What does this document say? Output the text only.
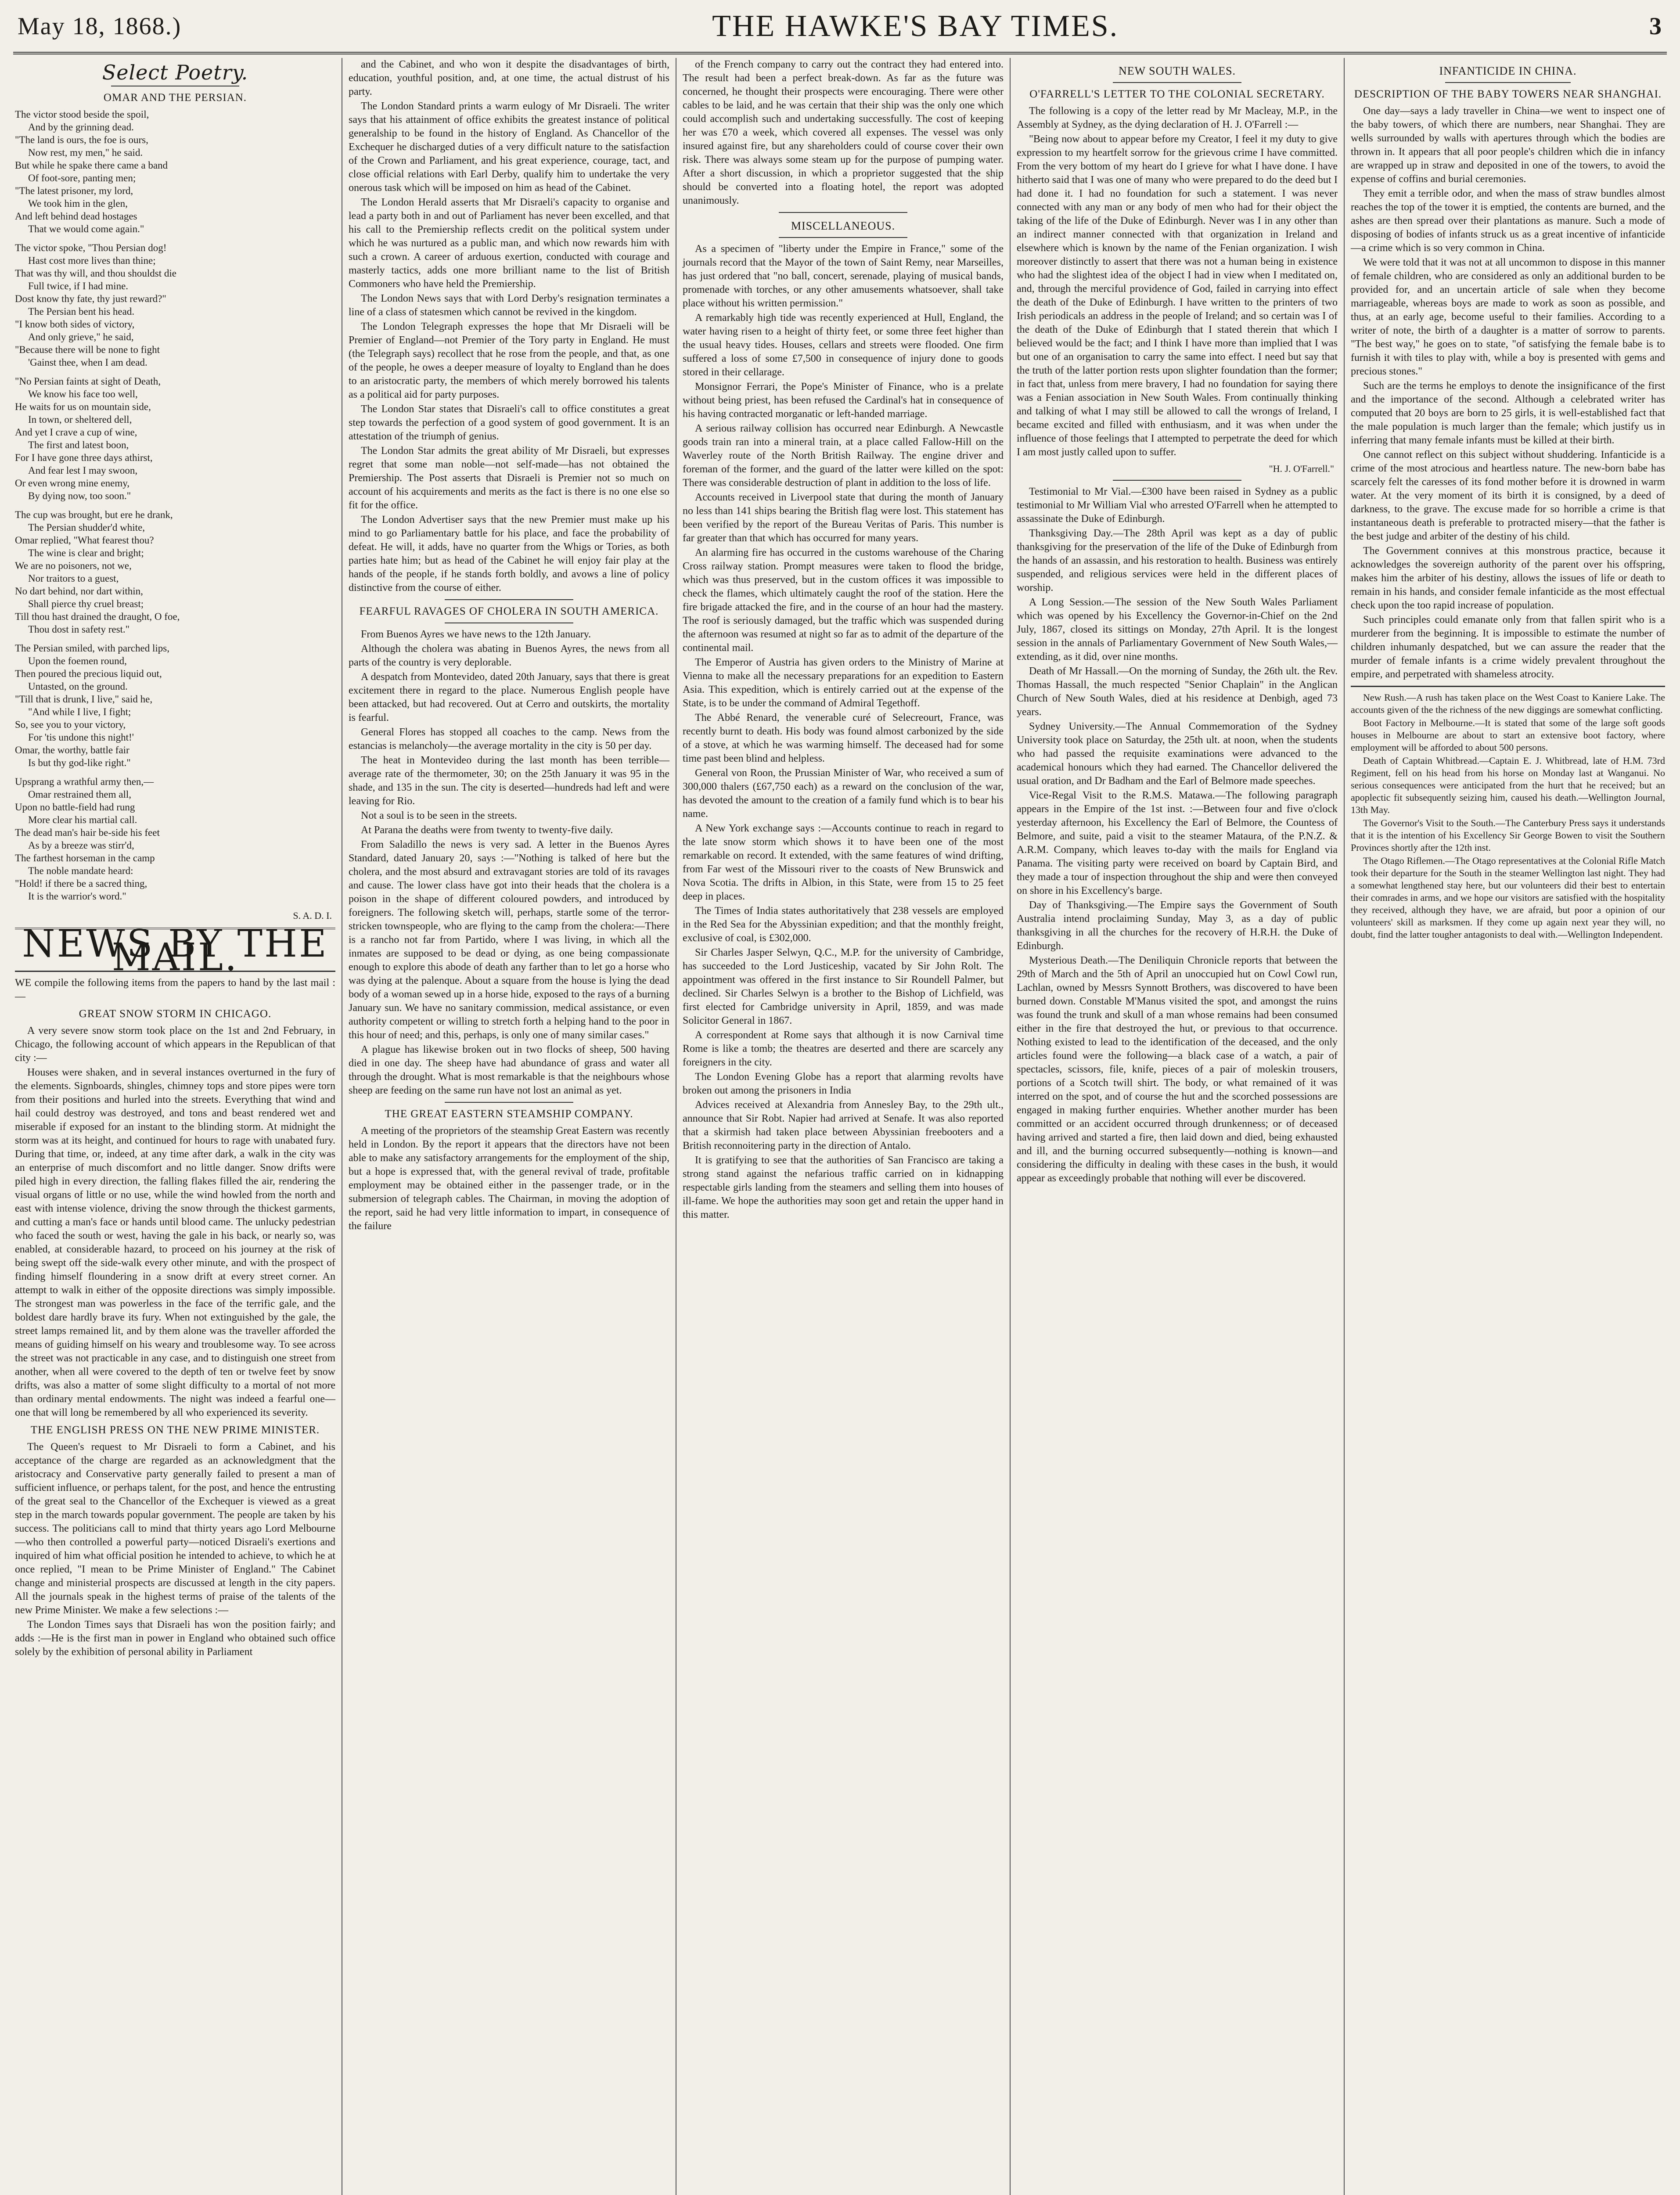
May 18, 1868.)	THE HAWKE'S BAY TIMES.	3
Select Poetry.
OMAR AND THE PERSIAN.
The victor stood beside the spoil,
And by the grinning dead.
"The land is ours, the foe is ours,
Now rest, my men," he said.
But while he spake there came a band
Of foot-sore, panting men;
"The latest prisoner, my lord,
We took him in the glen,
And left behind dead hostages
That we would come again."
The victor spoke, "Thou Persian dog!
Hast cost more lives than thine;
That was thy will, and thou shouldst die
Full twice, if I had mine.
Dost know thy fate, thy just reward?"
The Persian bent his head.
"I know both sides of victory,
And only grieve," he said,
"Because there will be none to fight
'Gainst thee, when I am dead.
"No Persian faints at sight of Death,
We know his face too well,
He waits for us on mountain side,
In town, or sheltered dell,
And yet I crave a cup of wine,
The first and latest boon,
For I have gone three days athirst,
And fear lest I may swoon,
Or even wrong mine enemy,
By dying now, too soon."
The cup was brought, but ere he drank,
The Persian shudder'd white,
Omar replied, "What fearest thou?
The wine is clear and bright;
We are no poisoners, not we,
Nor traitors to a guest,
No dart behind, nor dart within,
Shall pierce thy cruel breast;
Till thou hast drained the draught, O foe,
Thou dost in safety rest."
The Persian smiled, with parched lips,
Upon the foemen round,
Then poured the precious liquid out,
Untasted, on the ground.
"Till that is drunk, I live," said he,
"And while I live, I fight;
So, see you to your victory,
For 'tis undone this night!'
Omar, the worthy, battle fair
Is but thy god-like right."
Upsprang a wrathful army then,—
Omar restrained them all,
Upon no battle-field had rung
More clear his martial call.
The dead man's hair be-side his feet
As by a breeze was stirr'd,
The farthest horseman in the camp
The noble mandate heard:
"Hold! if there be a sacred thing,
It is the warrior's word."
S. A. D. I.
NEWS BY THE MAIL.

WE compile the following items from the papers to hand by the last mail :—

GREAT SNOW STORM IN CHICAGO.

A very severe snow storm took place on the 1st and 2nd February, in Chicago, the following account of which appears in the Republican of that city :—

Houses were shaken, and in several instances overturned in the fury of the elements. Signboards, shingles, chimney tops and store pipes were torn from their positions and hurled into the streets. Everything that wind and hail could destroy was destroyed, and tons and beast rendered wet and miserable if exposed for an instant to the blinding storm. At midnight the storm was at its height, and continued for hours to rage with unabated fury. During that time, or, indeed, at any time after dark, a walk in the city was an enterprise of much discomfort and no little danger. Snow drifts were piled high in every direction, the falling flakes filled the air, rendering the visual organs of little or no use, while the wind howled from the north and east with intense violence, driving the snow through the thickest garments, and cutting a man's face or hands until blood came. The unlucky pedestrian who faced the south or west, having the gale in his back, or nearly so, was enabled, at considerable hazard, to proceed on his journey at the risk of being swept off the side-walk every other minute, and with the prospect of finding himself floundering in a snow drift at every street corner. An attempt to walk in either of the opposite directions was simply impossible. The strongest man was powerless in the face of the terrific gale, and the boldest dare hardly brave its fury. When not extinguished by the gale, the street lamps remained lit, and by them alone was the traveller afforded the means of guiding himself on his weary and troublesome way. To see across the street was not practicable in any case, and to distinguish one street from another, when all were covered to the depth of ten or twelve feet by snow drifts, was also a matter of some slight difficulty to a mortal of not more than ordinary mental endowments. The night was indeed a fearful one—one that will long be remembered by all who experienced its severity.

THE ENGLISH PRESS ON THE NEW PRIME MINISTER.

The Queen's request to Mr Disraeli to form a Cabinet, and his acceptance of the charge are regarded as an acknowledgment that the aristocracy and Conservative party generally failed to present a man of sufficient influence, or perhaps talent, for the post, and hence the entrusting of the great seal to the Chancellor of the Exchequer is viewed as a great step in the march towards popular government. The people are taken by his success. The politicians call to mind that thirty years ago Lord Melbourne—who then controlled a powerful party—noticed Disraeli's exertions and inquired of him what official position he intended to achieve, to which he at once replied, "I mean to be Prime Minister of England." The Cabinet change and ministerial prospects are discussed at length in the city papers. All the journals speak in the highest terms of praise of the talents of the new Prime Minister. We make a few selections :—

The London Times says that Disraeli has won the position fairly; and adds :—He is the first man in power in England who obtained such office solely by the exhibition of personal ability in Parliament

and the Cabinet, and who won it despite the disadvantages of birth, education, youthful position, and, at one time, the actual distrust of his party.

The London Standard prints a warm eulogy of Mr Disraeli. The writer says that his attainment of office exhibits the greatest instance of political generalship to be found in the history of England. As Chancellor of the Exchequer he discharged duties of a very difficult nature to the satisfaction of the Crown and Parliament, and his great experience, courage, tact, and close official relations with Earl Derby, qualify him to undertake the very onerous task which will be imposed on him as head of the Cabinet.

The London Herald asserts that Mr Disraeli's capacity to organise and lead a party both in and out of Parliament has never been excelled, and that his call to the Premiership reflects credit on the political system under which he was nurtured as a public man, and which now rewards him with such a crown. A career of arduous exertion, conducted with courage and masterly tactics, adds one more brilliant name to the list of British Commoners who have held the Premiership.

The London News says that with Lord Derby's resignation terminates a line of a class of statesmen which cannot be revived in the kingdom.

The London Telegraph expresses the hope that Mr Disraeli will be Premier of England—not Premier of the Tory party in England. He must (the Telegraph says) recollect that he rose from the people, and that, as one of the people, he owes a deeper measure of loyalty to England than he does to an aristocratic party, the members of which merely borrowed his talents as a political aid for party purposes.

The London Star states that Disraeli's call to office constitutes a great step towards the perfection of a good system of good government. It is an attestation of the triumph of genius.

The London Star admits the great ability of Mr Disraeli, but expresses regret that some man noble—not self-made—has not obtained the Premiership. The Post asserts that Disraeli is Premier not so much on account of his acquirements and merits as the fact is there is no one else so fit for the office.

The London Advertiser says that the new Premier must make up his mind to go Parliamentary battle for his place, and face the probability of defeat. He will, it adds, have no quarter from the Whigs or Tories, as both parties hate him; but as head of the Cabinet he will enjoy fair play at the hands of the people, if he stands forth boldly, and avows a line of policy distinctive from the course of either.

FEARFUL RAVAGES OF CHOLERA IN SOUTH AMERICA.

From Buenos Ayres we have news to the 12th January.

Although the cholera was abating in Buenos Ayres, the news from all parts of the country is very deplorable.

A despatch from Montevideo, dated 20th January, says that there is great excitement there in regard to the place. Numerous English people have been attacked, but had recovered. Out at Cerro and outskirts, the mortality is fearful.

General Flores has stopped all coaches to the camp. News from the estancias is melancholy—the average mortality in the city is 50 per day.

The heat in Montevideo during the last month has been terrible—average rate of the thermometer, 30; on the 25th January it was 95 in the shade, and 135 in the sun. The city is deserted—hundreds had left and were leaving for Rio.

Not a soul is to be seen in the streets.

At Parana the deaths were from twenty to twenty-five daily.

From Saladillo the news is very sad. A letter in the Buenos Ayres Standard, dated January 20, says :—"Nothing is talked of here but the cholera, and the most absurd and extravagant stories are told of its ravages and cause. The lower class have got into their heads that the cholera is a poison in the shape of different coloured powders, and introduced by foreigners. The following sketch will, perhaps, startle some of the terror-stricken townspeople, who are flying to the camp from the cholera:—There is a rancho not far from Partido, where I was living, in which all the inmates are supposed to be dead or dying, as one being compassionate enough to explore this abode of death any farther than to let go a horse who was dying at the palenque. About a square from the house is lying the dead body of a woman sewed up in a horse hide, exposed to the rays of a burning January sun. We have no sanitary commission, medical assistance, or even authority competent or willing to stretch forth a helping hand to the poor in this hour of need; and this, perhaps, is only one of many similar cases."

A plague has likewise broken out in two flocks of sheep, 500 having died in one day. The sheep have had abundance of grass and water all through the drought. What is most remarkable is that the neighbours whose sheep are feeding on the same run have not lost an animal as yet.

THE GREAT EASTERN STEAMSHIP COMPANY.

A meeting of the proprietors of the steamship Great Eastern was recently held in London. By the report it appears that the directors have not been able to make any satisfactory arrangements for the employment of the ship, but a hope is expressed that, with the general revival of trade, profitable employment may be obtained either in the passenger trade, or in the submersion of telegraph cables. The Chairman, in moving the adoption of the report, said he had very little information to impart, in consequence of the failure

of the French company to carry out the contract they had entered into. The result had been a perfect break-down. As far as the future was concerned, he thought their prospects were encouraging. There were other cables to be laid, and he was certain that their ship was the only one which could accomplish such and undertaking successfully. The cost of keeping her was £70 a week, which covered all expenses. The vessel was only insured against fire, but any shareholders could of course cover their own risk. There was always some steam up for the purpose of pumping water. After a short discussion, in which a proprietor suggested that the ship should be converted into a floating hotel, the report was adopted unanimously.

MISCELLANEOUS.

As a specimen of "liberty under the Empire in France," some of the journals record that the Mayor of the town of Saint Remy, near Marseilles, has just ordered that "no ball, concert, serenade, playing of musical bands, promenade with torches, or any other amusements whatsoever, shall take place without his written permission."

A remarkably high tide was recently experienced at Hull, England, the water having risen to a height of thirty feet, or some three feet higher than the usual heavy tides. Houses, cellars and streets were flooded. One firm suffered a loss of some £7,500 in consequence of injury done to goods stored in their cellarage.

Monsignor Ferrari, the Pope's Minister of Finance, who is a prelate without being priest, has been refused the Cardinal's hat in consequence of his having contracted morganatic or left-handed marriage.

A serious railway collision has occurred near Edinburgh. A Newcastle goods train ran into a mineral train, at a place called Fallow-Hill on the Waverley route of the North British Railway. The engine driver and foreman of the former, and the guard of the latter were killed on the spot: There was considerable destruction of plant in addition to the loss of life.

Accounts received in Liverpool state that during the month of January no less than 141 ships bearing the British flag were lost. This statement has been verified by the report of the Bureau Veritas of Paris. This number is far greater than that which has occurred for many years.

An alarming fire has occurred in the customs warehouse of the Charing Cross railway station. Prompt measures were taken to flood the bridge, which was thus preserved, but in the custom offices it was impossible to check the flames, which ultimately caught the roof of the station. Here the fire brigade attacked the fire, and in the course of an hour had the mastery. The roof is seriously damaged, but the traffic which was suspended during the afternoon was resumed at night so far as to admit of the departure of the continental mail.

The Emperor of Austria has given orders to the Ministry of Marine at Vienna to make all the necessary preparations for an expedition to Eastern Asia. This expedition, which is entirely carried out at the expense of the State, is to be under the command of Admiral Tegethoff.

The Abbé Renard, the venerable curé of Selecreourt, France, was recently burnt to death. His body was found almost carbonized by the side of a stove, at which he was warming himself. The deceased had for some time past been blind and helpless.

General von Roon, the Prussian Minister of War, who received a sum of 300,000 thalers (£67,750 each) as a reward on the conclusion of the war, has devoted the amount to the creation of a family fund which is to bear his name.

A New York exchange says :—Accounts continue to reach in regard to the late snow storm which shows it to have been one of the most remarkable on record. It extended, with the same features of wind drifting, from Far west of the Missouri river to the coasts of New Brunswick and Nova Scotia. The drifts in Albion, in this State, were from 15 to 25 feet deep in places.

The Times of India states authoritatively that 238 vessels are employed in the Red Sea for the Abyssinian expedition; and that the monthly freight, exclusive of coal, is £302,000.

Sir Charles Jasper Selwyn, Q.C., M.P. for the university of Cambridge, has succeeded to the Lord Justiceship, vacated by Sir John Rolt. The appointment was offered in the first instance to Sir Roundell Palmer, but declined. Sir Charles Selwyn is a brother to the Bishop of Lichfield, was first elected for Cambridge university in April, 1859, and was made Solicitor General in 1867.

A correspondent at Rome says that although it is now Carnival time Rome is like a tomb; the theatres are deserted and there are scarcely any foreigners in the city.

The London Evening Globe has a report that alarming revolts have broken out among the prisoners in India

Advices received at Alexandria from Annesley Bay, to the 29th ult., announce that Sir Robt. Napier had arrived at Senafe. It was also reported that a skirmish had taken place between Abyssinian freebooters and a British reconnoitering party in the direction of Antalo.

It is gratifying to see that the authorities of San Francisco are taking a strong stand against the nefarious traffic carried on in kidnapping respectable girls landing from the steamers and selling them into houses of ill-fame. We hope the authorities may soon get and retain the upper hand in this matter.

NEW SOUTH WALES.
O'FARRELL'S LETTER TO THE COLONIAL SECRETARY.

The following is a copy of the letter read by Mr Macleay, M.P., in the Assembly at Sydney, as the dying declaration of H. J. O'Farrell :—

"Being now about to appear before my Creator, I feel it my duty to give expression to my heartfelt sorrow for the grievous crime I have committed. From the very bottom of my heart do I grieve for what I have done. I have hitherto said that I was one of many who were prepared to do the deed but I had done it. I had no foundation for such a statement. I was never connected with any man or any body of men who had for their object the taking of the life of the Duke of Edinburgh. Never was I in any other than an indirect manner connected with that organization in Ireland and elsewhere which is known by the name of the Fenian organization. I wish moreover distinctly to assert that there was not a human being in existence who had the slightest idea of the object I had in view when I meditated on, and, through the merciful providence of God, failed in carrying into effect the death of the Duke of Edinburgh. I have written to the printers of two Irish periodicals an address in the people of Ireland; and so certain was I of the death of the Duke of Edinburgh that I stated therein that which I believed would be the fact; and I think I have more than implied that I was but one of an organisation to carry the same into effect. I need but say that the truth of the latter portion rests upon slighter foundation than the former; in fact that, unless from mere bravery, I had no foundation for saying there was a Fenian association in New South Wales. From continually thinking and talking of what I may still be allowed to call the wrongs of Ireland, I became excited and filled with enthusiasm, and it was when under the influence of those feelings that I attempted to perpetrate the deed for which I am most justly called upon to suffer.

"H. J. O'Farrell."

Testimonial to Mr Vial.—£300 have been raised in Sydney as a public testimonial to Mr William Vial who arrested O'Farrell when he attempted to assassinate the Duke of Edinburgh.

Thanksgiving Day.—The 28th April was kept as a day of public thanksgiving for the preservation of the life of the Duke of Edinburgh from the hands of an assassin, and his restoration to health. Business was entirely suspended, and religious services were held in the different places of worship.

A Long Session.—The session of the New South Wales Parliament which was opened by his Excellency the Governor-in-Chief on the 2nd July, 1867, closed its sittings on Monday, 27th April. It is the longest session in the annals of Parliamentary Government of New South Wales,—extending, as it did, over nine months.

Death of Mr Hassall.—On the morning of Sunday, the 26th ult. the Rev. Thomas Hassall, the much respected "Senior Chaplain" in the Anglican Church of New South Wales, died at his residence at Denbigh, aged 73 years.

Sydney University.—The Annual Commemoration of the Sydney University took place on Saturday, the 25th ult. at noon, when the students who had passed the requisite examinations were advanced to the academical honours which they had earned. The Chancellor delivered the usual oration, and Dr Badham and the Earl of Belmore made speeches.

Vice-Regal Visit to the R.M.S. Matawa.—The following paragraph appears in the Empire of the 1st inst. :—Between four and five o'clock yesterday afternoon, his Excellency the Earl of Belmore, the Countess of Belmore, and suite, paid a visit to the steamer Mataura, of the P.N.Z. & A.R.M. Company, which leaves to-day with the mails for England via Panama. The visiting party were received on board by Captain Bird, and they made a tour of inspection throughout the ship and were then conveyed on shore in his Excellency's barge.

Day of Thanksgiving.—The Empire says the Government of South Australia intend proclaiming Sunday, May 3, as a day of public thanksgiving in all the churches for the recovery of H.R.H. the Duke of Edinburgh.

Mysterious Death.—The Deniliquin Chronicle reports that between the 29th of March and the 5th of April an unoccupied hut on Cowl Cowl run, Lachlan, owned by Messrs Synnott Brothers, was discovered to have been burned down. Constable M'Manus visited the spot, and amongst the ruins was found the trunk and skull of a man whose remains had been consumed either in the fire that destroyed the hut, or previous to that occurrence. Nothing existed to lead to the identification of the deceased, and the only articles found were the following—a black case of a watch, a pair of spectacles, scissors, file, knife, pieces of a pair of moleskin trousers, portions of a Scotch twill shirt. The body, or what remained of it was interred on the spot, and of course the hut and the scorched possessions are engaged in making further enquiries. Whether another murder has been committed or an accident occurred through drunkenness; or of deceased having arrived and started a fire, then laid down and died, being exhausted and ill, and the burning occurred subsequently—nothing is known—and considering the difficulty in dealing with these cases in the bush, it would appear as exceedingly probable that nothing will ever be discovered.

INFANTICIDE IN CHINA.
DESCRIPTION OF THE BABY TOWERS NEAR SHANGHAI.

One day—says a lady traveller in China—we went to inspect one of the baby towers, of which there are numbers, near Shanghai. They are wells surrounded by walls with apertures through which the bodies are thrown in. It appears that all poor people's children which die in infancy are wrapped up in straw and deposited in one of the towers, to avoid the expense of coffins and burial ceremonies.

They emit a terrible odor, and when the mass of straw bundles almost reaches the top of the tower it is emptied, the contents are burned, and the ashes are then spread over their plantations as manure. Such a mode of disposing of bodies of infants struck us as a great incentive of infanticide—a crime which is so very common in China.

We were told that it was not at all uncommon to dispose in this manner of female children, who are considered as only an additional burden to be provided for, and an uncertain article of sale when they become marriageable, whereas boys are made to work as soon as possible, and thus, at an early age, become useful to their families. According to a writer of note, the birth of a daughter is a matter of sorrow to parents. "The best way," he goes on to state, "of satisfying the female babe is to furnish it with tiles to play with, while a boy is presented with gems and precious stones."

Such are the terms he employs to denote the insignificance of the first and the importance of the second. Although a celebrated writer has computed that 20 boys are born to 25 girls, it is well-established fact that the male population is much larger than the female; which justify us in inferring that many female infants must be killed at their birth.

One cannot reflect on this subject without shuddering. Infanticide is a crime of the most atrocious and heartless nature. The new-born babe has scarcely felt the caresses of its fond mother before it is drowned in warm water. At the very moment of its birth it is consigned, by a deed of darkness, to the grave. The excuse made for so horrible a crime is that instantaneous death is preferable to protracted misery—that the father is the best judge and arbiter of the destiny of his child.

The Government connives at this monstrous practice, because it acknowledges the sovereign authority of the parent over his offspring, makes him the arbiter of his destiny, allows the issues of life or death to remain in his hands, and consider female infanticide as the most effectual check upon the too rapid increase of population.

Such principles could emanate only from that fallen spirit who is a murderer from the beginning. It is impossible to estimate the number of children inhumanly despatched, but we can assure the reader that the murder of female infants is a crime widely prevalent throughout the empire, and perpetrated with shameless atrocity.

New Rush.—A rush has taken place on the West Coast to Kaniere Lake. The accounts given of the the richness of the new diggings are somewhat conflicting.

Boot Factory in Melbourne.—It is stated that some of the large soft goods houses in Melbourne are about to start an extensive boot factory, where employment will be afforded to about 500 persons.

Death of Captain Whitbread.—Captain E. J. Whitbread, late of H.M. 73rd Regiment, fell on his head from his horse on Monday last at Wanganui. No serious consequences were anticipated from the hurt that he received; but an apoplectic fit subsequently seizing him, caused his death.—Wellington Journal, 13th May.

The Governor's Visit to the South.—The Canterbury Press says it understands that it is the intention of his Excellency Sir George Bowen to visit the Southern Provinces shortly after the 12th inst.

The Otago Riflemen.—The Otago representatives at the Colonial Rifle Match took their departure for the South in the steamer Wellington last night. They had a somewhat lengthened stay here, but our volunteers did their best to entertain their comrades in arms, and we hope our visitors are satisfied with the hospitality they received, although they have, we are afraid, but poor a opinion of our volunteers' skill as marksmen. If they come up again next year they will, no doubt, find the latter tougher antagonists to deal with.—Wellington Independent.
